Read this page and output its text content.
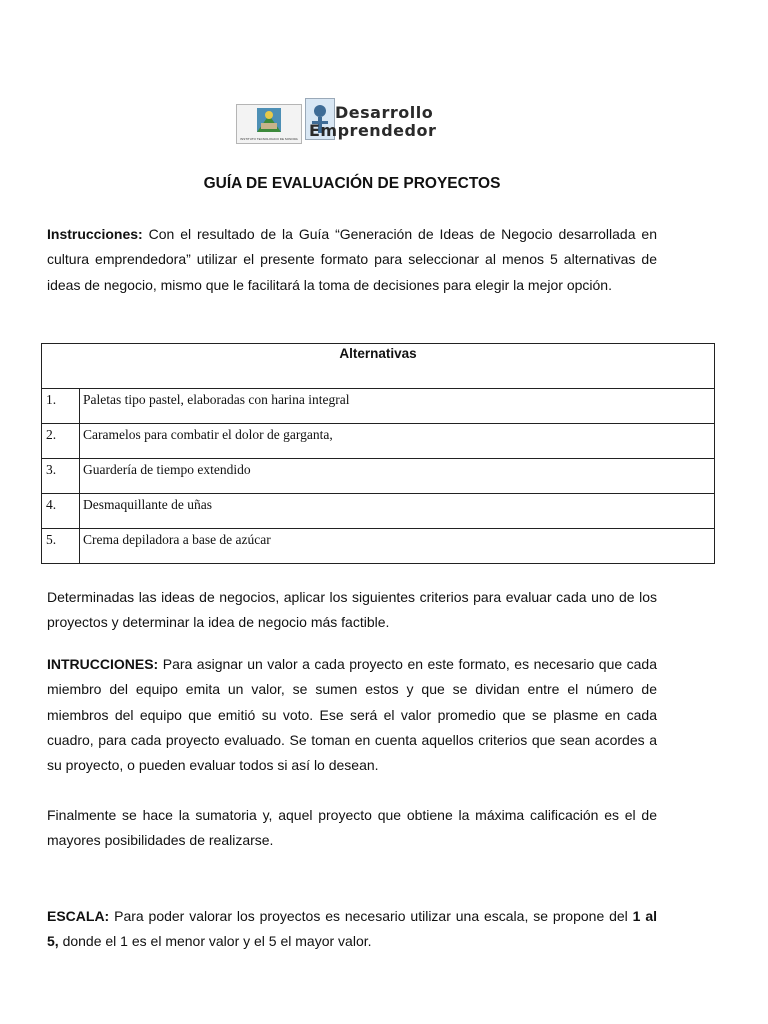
INSTITUTO TECNOLÓGICO DE SONORA
Desarrollo
Emprendedor
GUÍA DE EVALUACIÓN DE PROYECTOS
Instrucciones: Con el resultado de la Guía “Generación de Ideas de Negocio desarrollada en cultura emprendedora” utilizar el presente formato para seleccionar al menos 5 alternativas de ideas de negocio, mismo que le facilitará la toma de decisiones para elegir la mejor opción.
Alternativas	
1.	Paletas tipo pastel, elaboradas con harina integral
2.	Caramelos para combatir el dolor de garganta,
3.	Guardería de tiempo extendido
4.	Desmaquillante de uñas
5.	Crema depiladora a base de azúcar
Determinadas las ideas de negocios, aplicar los siguientes criterios para evaluar cada uno de los proyectos y determinar la idea de negocio más factible.
INTRUCCIONES: Para asignar un valor a cada proyecto en este formato, es necesario que cada miembro del equipo emita un valor, se sumen estos y que se dividan entre el número de miembros del equipo que emitió su voto. Ese será el valor promedio que se plasme en cada cuadro, para cada proyecto evaluado. Se toman en cuenta aquellos criterios que sean acordes a su proyecto, o pueden evaluar todos si así lo desean.
Finalmente se hace la sumatoria y, aquel proyecto que obtiene la máxima calificación es el de mayores posibilidades de realizarse.
ESCALA: Para poder valorar los proyectos es necesario utilizar una escala, se propone del 1 al 5, donde el 1 es el menor valor y el 5 el mayor valor.
